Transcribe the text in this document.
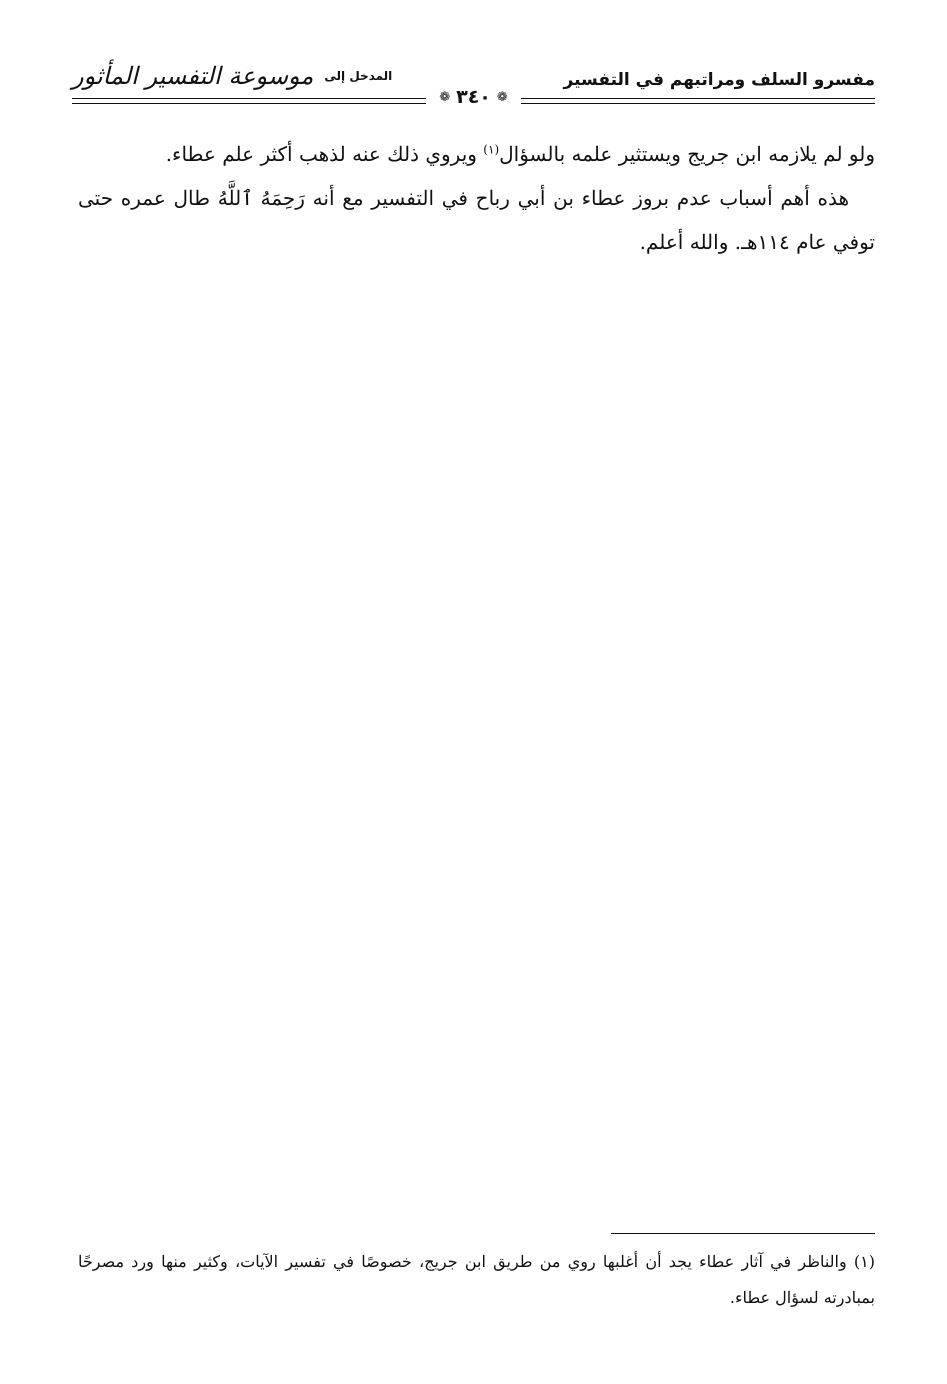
مفسرو السلف ومراتبهم في التفسير
المدخل إلى موسوعة التفسير المأثور
❁ ٣٤٠ ❁

ولو لم يلازمه ابن جريج ويستثير علمه بالسؤال$^{(١)}$ ويروي ذلك عنه لذهب أكثر علم عطاء.

هذه أهم أسباب عدم بروز عطاء بن أبي رباح في التفسير مع أنه رَحِمَهُ ٱللَّهُ طال عمره حتى توفي عام ١١٤هـ. والله أعلم.

(١) والناظر في آثار عطاء يجد أن أغلبها روي من طريق ابن جريج، خصوصًا في تفسير الآيات، وكثير منها ورد مصرحًا بمبادرته لسؤال عطاء.
